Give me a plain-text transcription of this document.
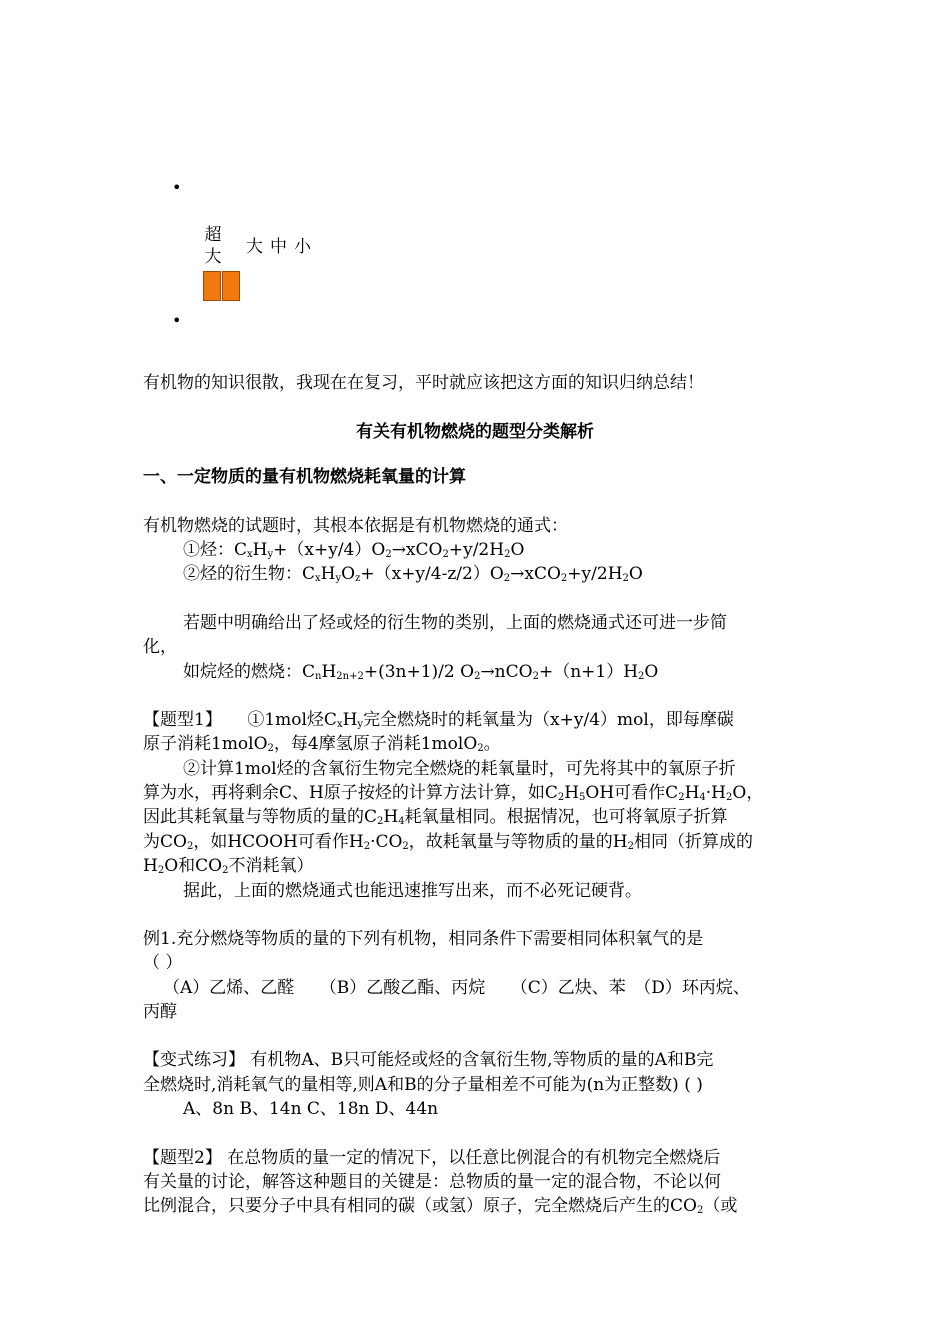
•
超
大 大 中 小
•
有机物的知识很散，我现在在复习，平时就应该把这方面的知识归纳总结！
有关有机物燃烧的题型分类解析
一、一定物质的量有机物燃烧耗氧量的计算
有机物燃烧的试题时，其根本依据是有机物燃烧的通式：
①烃：$C_xH_y+(x+y/4)O_2\to xCO_2+y/2H_2O$
②烃的衍生物：$C_xH_yO_z+(x+y/4-z/2)O_2\to xCO_2+y/2H_2O$
若题中明确给出了烃或烃的衍生物的类别，上面的燃烧通式还可进一步简
化，
如烷烃的燃烧：$C_nH_{2n+2}+(3n+1)/2$ $O_2\to nCO_2+(n+1)H_2O$
【题型1】　　①1mol烃$C_xH_y$完全燃烧时的耗氧量为（x+y/4）mol，即每摩碳
原子消耗1molO$_2$，每4摩氢原子消耗1molO$_2$。
②计算1mol烃的含氧衍生物完全燃烧的耗氧量时，可先将其中的氧原子折
算为水，再将剩余C、H原子按烃的计算方法计算，如$C_2H_5OH$可看作$C_2H_4\cdot H_2O$，
因此其耗氧量与等物质的量的$C_2H_4$耗氧量相同。根据情况，也可将氧原子折算
为$CO_2$，如HCOOH可看作$H_2\cdot CO_2$，故耗氧量与等物质的量的$H_2$相同（折算成的
$H_2O$和$CO_2$不消耗氧）
据此，上面的燃烧通式也能迅速推写出来，而不必死记硬背。
例1.充分燃烧等物质的量的下列有机物，相同条件下需要相同体积氧气的是
（ ）
（A）乙烯、乙醛　　（B）乙酸乙酯、丙烷　　（C）乙炔、苯　（D）环丙烷、
丙醇
【变式练习】 有机物A、B只可能烃或烃的含氧衍生物,等物质的量的A和B完
全燃烧时,消耗氧气的量相等,则A和B的分子量相差不可能为(n为正整数) ( )
A、8n B、14n C、18n D、44n
【题型2】 在总物质的量一定的情况下，以任意比例混合的有机物完全燃烧后
有关量的讨论，解答这种题目的关键是：总物质的量一定的混合物，不论以何
比例混合，只要分子中具有相同的碳（或氢）原子，完全燃烧后产生的$CO_2$（或
